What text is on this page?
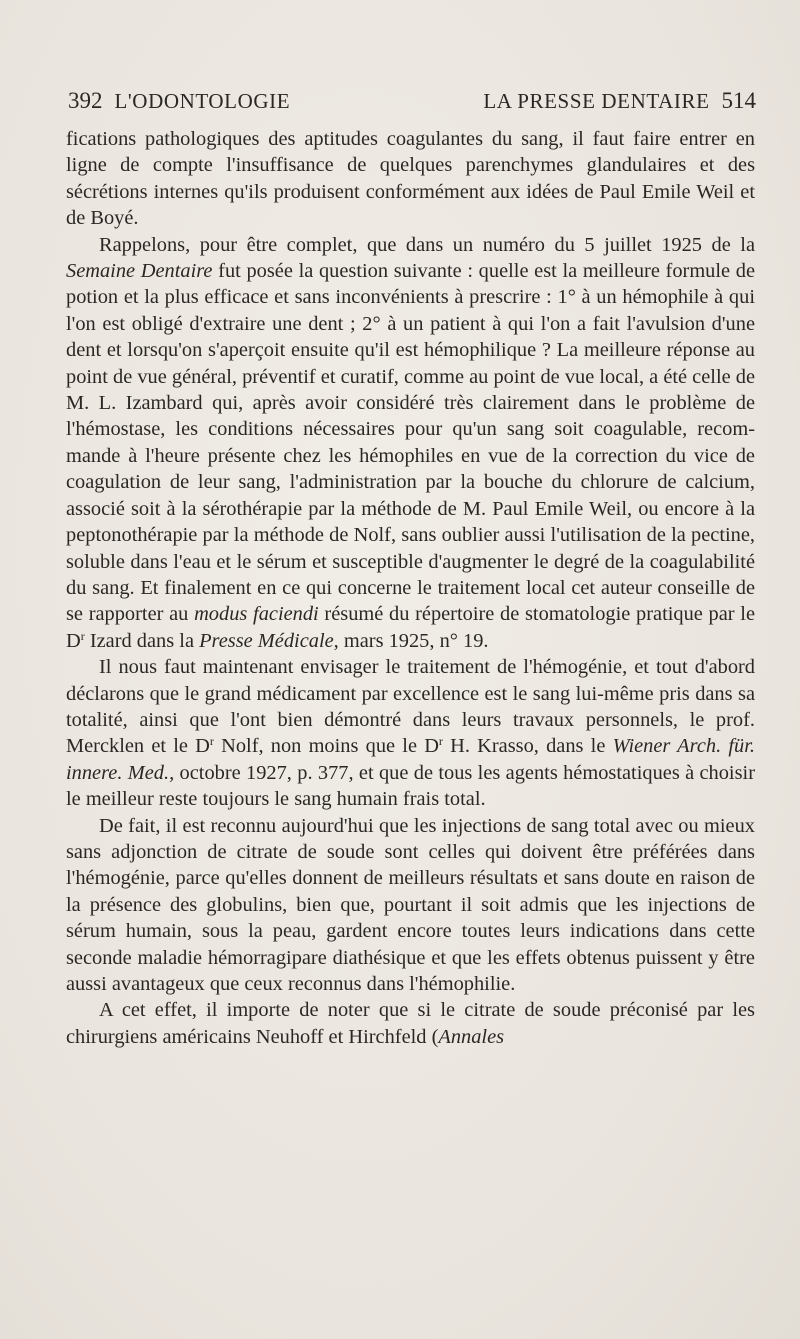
392 L'ODONTOLOGIE	LA PRESSE DENTAIRE 514

fications pathologiques des aptitudes coagulantes du sang, il faut faire entrer en ligne de compte l'insuffisance de quelques parenchymes glandulaires et des sécrétions internes qu'ils produisent conformément aux idées de Paul Emile Weil et de Boyé.

Rappelons, pour être complet, que dans un numéro du 5 juillet 1925 de la Semaine Dentaire fut posée la question suivante : quelle est la meilleure formule de potion et la plus efficace et sans inconvénients à prescrire : 1° à un hémophile à qui l'on est obligé d'extraire une dent ; 2° à un patient à qui l'on a fait l'avulsion d'une dent et lorsqu'on s'aperçoit ensuite qu'il est hémophilique ? La meilleure réponse au point de vue général, préventif et curatif, comme au point de vue local, a été celle de M. L. Izambard qui, après avoir considéré très clairement dans le problème de l'hémostase, les conditions nécessaires pour qu'un sang soit coagulable, recommande à l'heure présente chez les hémophiles en vue de la correction du vice de coagulation de leur sang, l'administration par la bouche du chlorure de calcium, associé soit à la sérothérapie par la méthode de M. Paul Emile Weil, ou encore à la peptonothérapie par la méthode de Nolf, sans oublier aussi l'utilisation de la pectine, soluble dans l'eau et le sérum et susceptible d'augmenter le degré de la coagulabilité du sang. Et finalement en ce qui concerne le traitement local cet auteur conseille de se rapporter au modus faciendi résumé du répertoire de stomatologie pratique par le $D^r$ Izard dans la Presse Médicale, mars 1925, n° 19.

Il nous faut maintenant envisager le traitement de l'hémogénie, et tout d'abord déclarons que le grand médicament par excellence est le sang lui-même pris dans sa totalité, ainsi que l'ont bien démontré dans leurs travaux personnels, le prof. Mercklen et le $D^r$ Nolf, non moins que le $D^r$ H. Krasso, dans le Wiener Arch. für. innere. Med., octobre 1927, p. 377, et que de tous les agents hémostatiques à choisir le meilleur reste toujours le sang humain frais total.

De fait, il est reconnu aujourd'hui que les injections de sang total avec ou mieux sans adjonction de citrate de soude sont celles qui doivent être préférées dans l'hémogénie, parce qu'elles donnent de meilleurs résultats et sans doute en raison de la présence des globulins, bien que, pourtant il soit admis que les injections de sérum humain, sous la peau, gardent encore toutes leurs indications dans cette seconde maladie hémorragipare diathésique et que les effets obtenus puissent y être aussi avantageux que ceux reconnus dans l'hémophilie.

A cet effet, il importe de noter que si le citrate de soude préconisé par les chirurgiens américains Neuhoff et Hirchfeld (Annales
